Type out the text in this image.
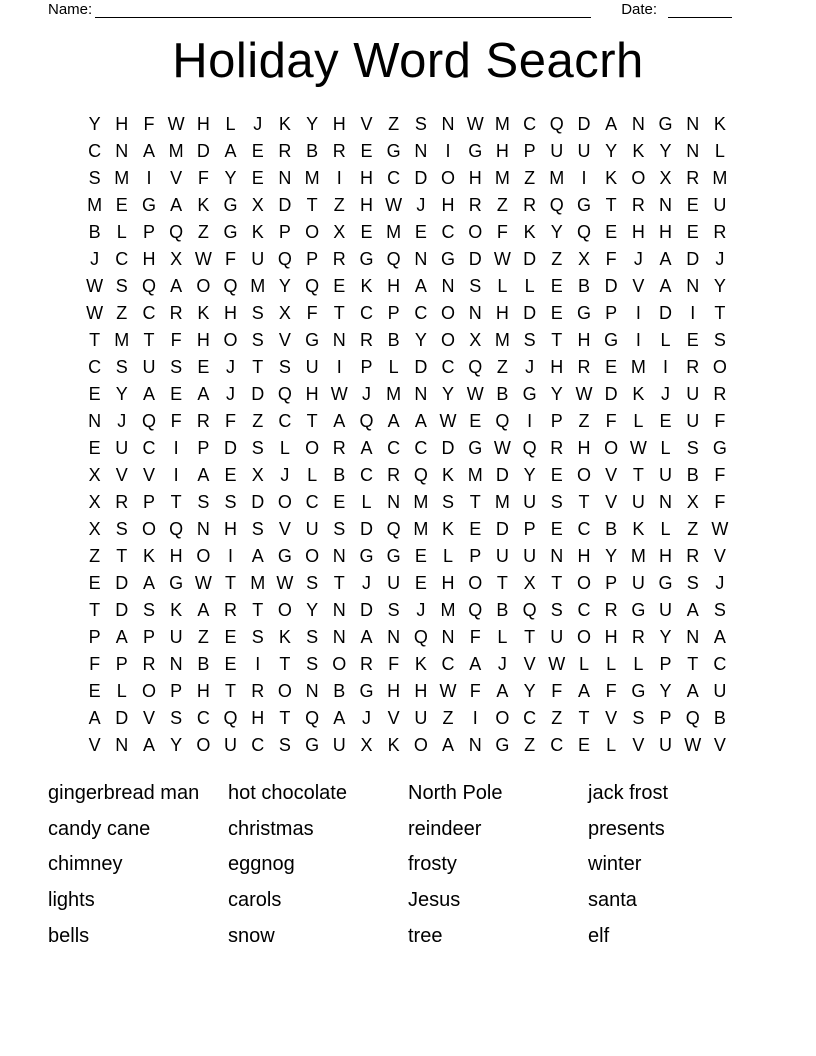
Name:	Date:
Holiday Word Seacrh
Y H F W H L J K Y H V Z S N W M C Q D A N G N K
C N A M D A E R B R E G N	I G H P U U Y K Y N L
S M I	V F Y E N M I	H C D O H M Z M I	K O X R M
M E G A K G X D T Z H W J H R Z R Q G T R N E U
B L P Q Z G K P O X E M E C O F K Y Q E H H E R
J C H X W F U Q P R G Q N G D W D Z X F J A D J
W S Q A O Q M Y Q E K H A N S L L E B D V A N Y
W Z C R K H S X F T C P C O N H D E G P	I	D	I	T
T M T F H O S V G N R B Y O X M S T H G I	L E S
C S U S E J T S U	I	P L D C Q Z J H R E M I	R O
E Y A E A J D Q H W J M N Y W B G Y W D K J U R
N J Q F R F Z C T A Q A A W E Q I	P Z F L E U F
E U C	I	P D S L O R A C C D G W Q R H O W L S G
X V V	I	A E X J L B C R Q K M D Y E O V T U B F
X R P T S S D O C E L N M S T M U S T V U N X F
X S O Q N H S V U S D Q M K E D P E C B K L Z W
Z T K H O I	A G O N G G E L P U U N H Y M H R V
E D A G W T M W S T J U E H O T X T O P U G S J
T D S K A R T O Y N D S J M Q B Q S C R G U A S
P A P U Z E S K S N A N Q N F L T U O H R Y N A
F P R N B E	I	T S O R F K C A J V W L L L P T C
E L O P H T R O N B G H H W F A Y F A F G Y A U
A D V S C Q H T Q A J V U Z	I O C Z T V S P Q B
V N A Y O U C S G U X K O A N G Z C E L V U W V
gingerbread man
candy cane
chimney
lights
bells
hot chocolate
christmas
eggnog
carols
snow
North Pole
reindeer
frosty
Jesus
tree
jack frost
presents
winter
santa
elf
